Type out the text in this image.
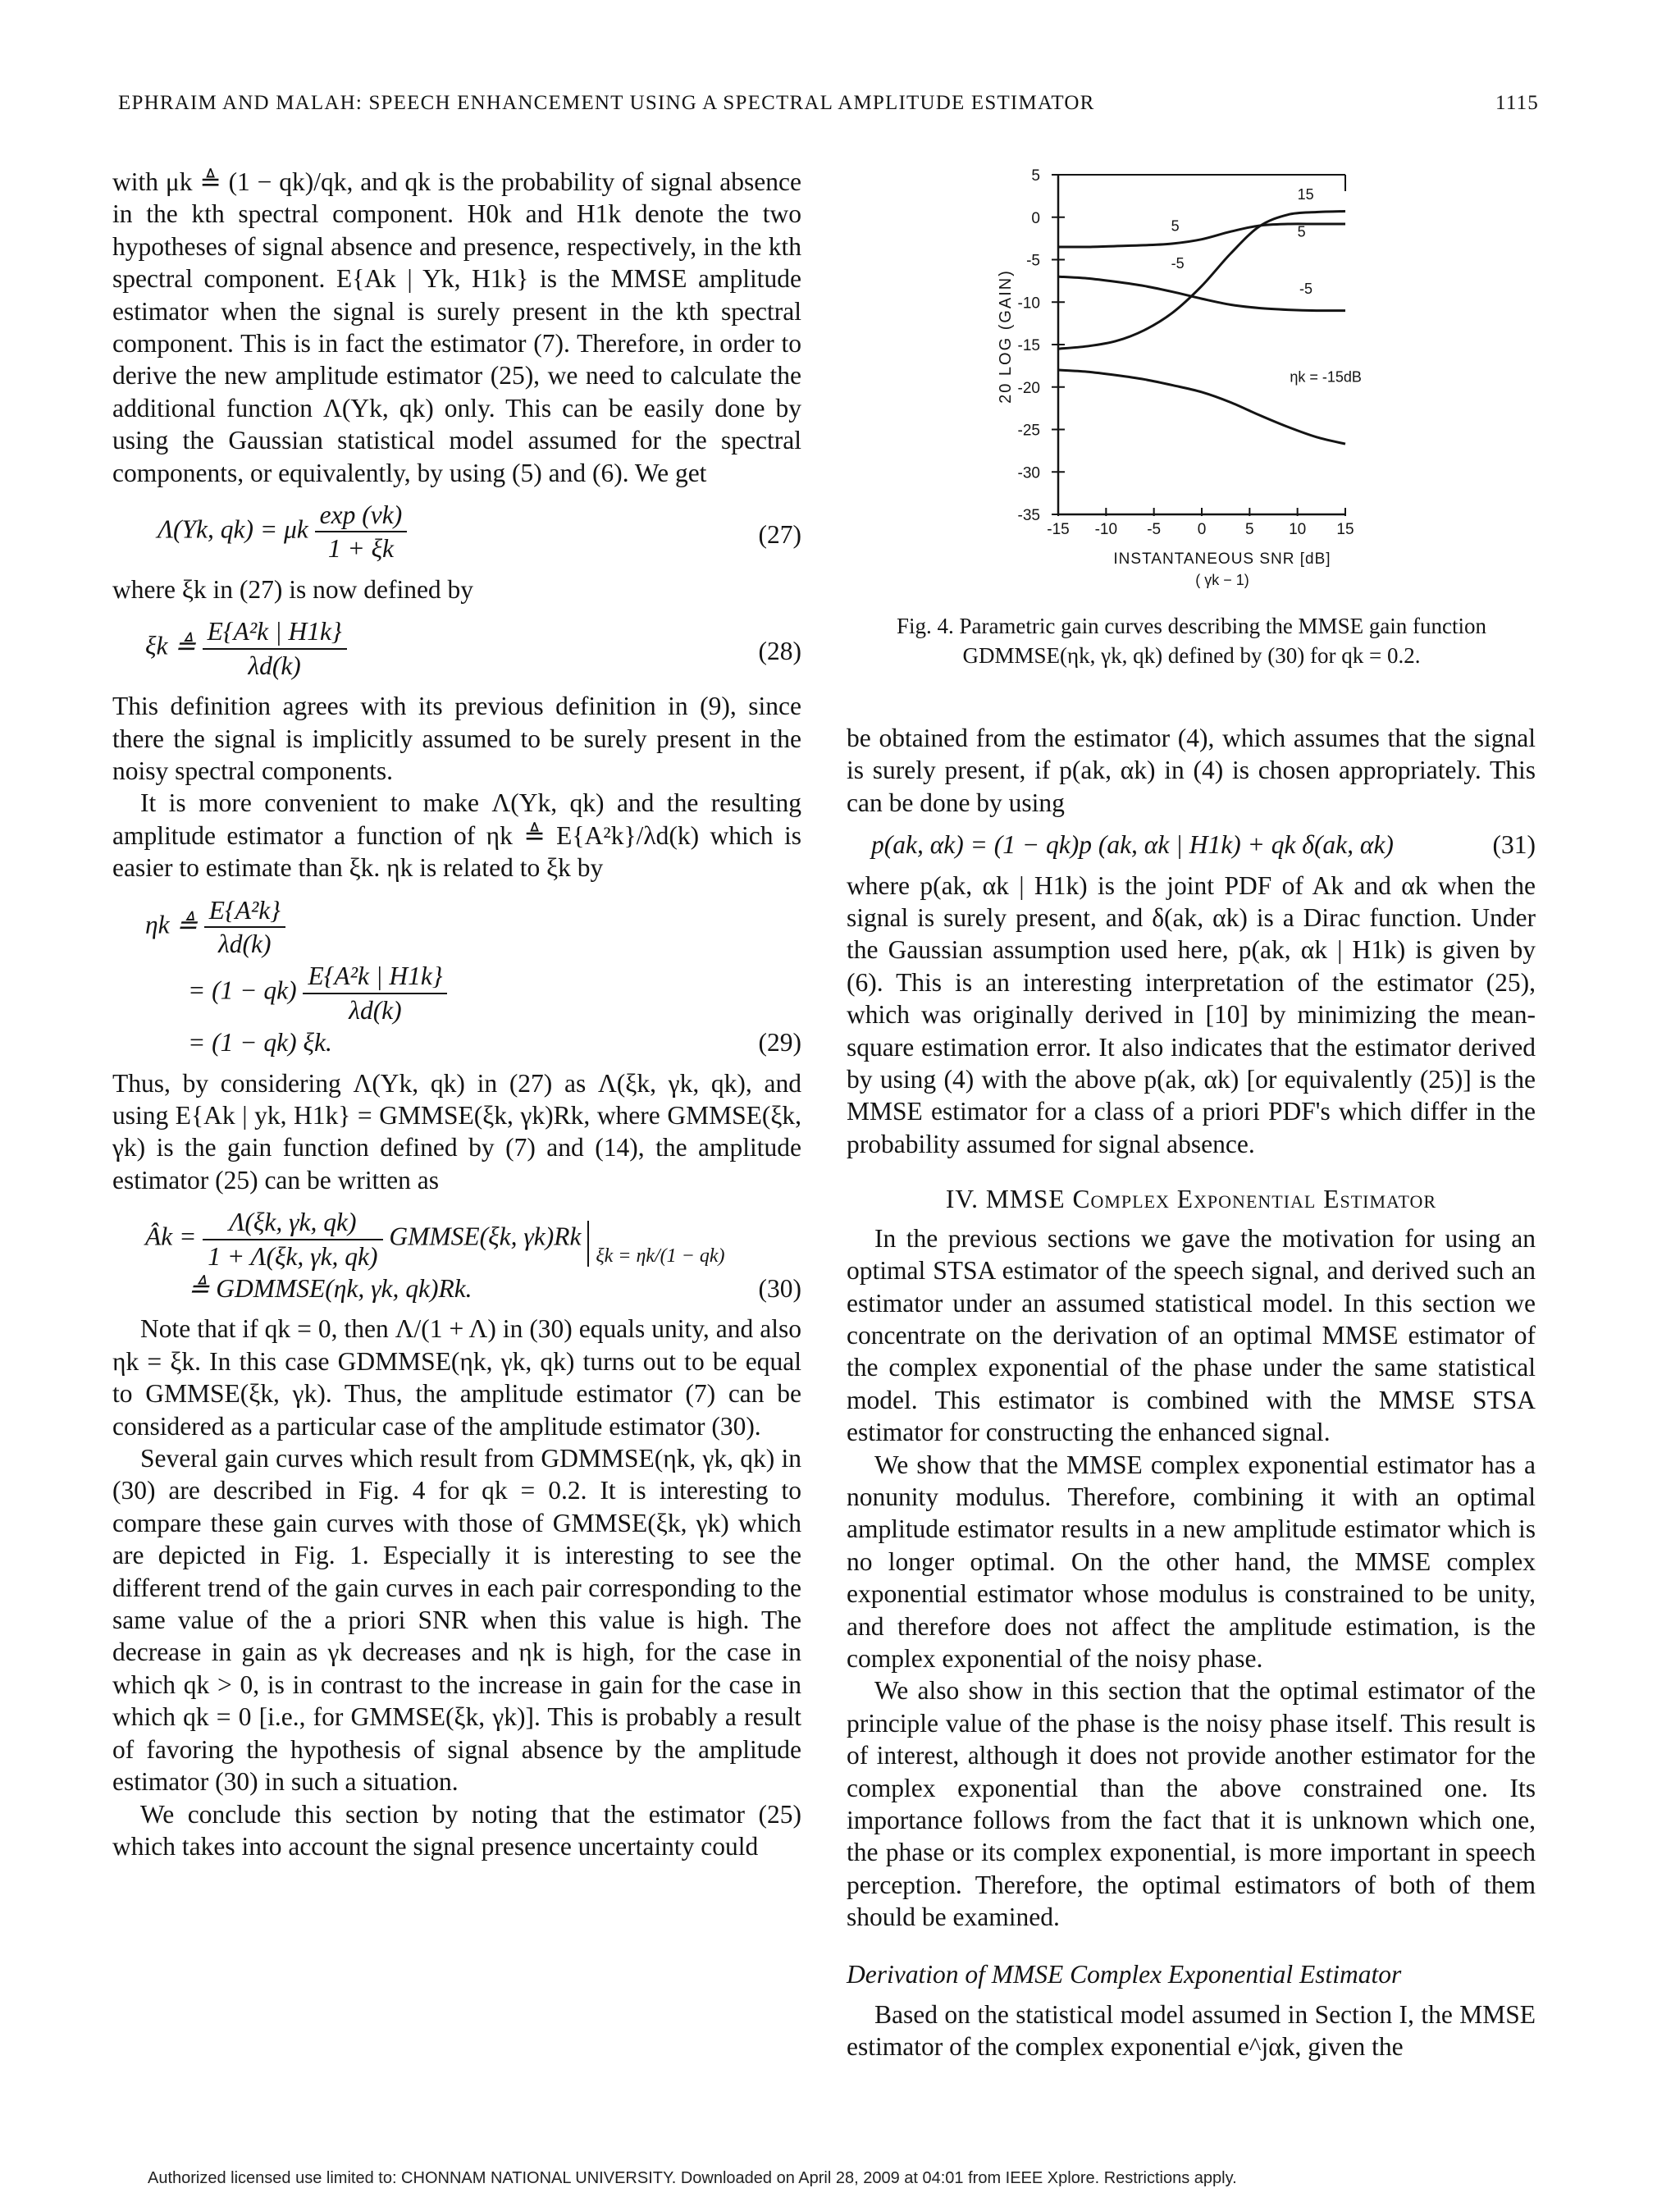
EPHRAIM AND MALAH: SPEECH ENHANCEMENT USING A SPECTRAL AMPLITUDE ESTIMATOR	1115

with μk ≜ (1 − qk)/qk, and qk is the probability of signal absence in the kth spectral component. H0k and H1k denote the two hypotheses of signal absence and presence, respectively, in the kth spectral component. E{Ak | Yk, H1k} is the MMSE amplitude estimator when the signal is surely present in the kth spectral component. This is in fact the estimator (7). Therefore, in order to derive the new amplitude estimator (25), we need to calculate the additional function Λ(Yk, qk) only. This can be easily done by using the Gaussian statistical model assumed for the spectral components, or equivalently, by using (5) and (6). We get

Λ(Yk, qk) = μk $\frac{\exp (vk)}{1 + \xi k}$	(27)

where ξk in (27) is now defined by

ξk ≜ $\frac{\text{E\{A²k | H1k\}}}{\lambda d(k)}$	(28)

This definition agrees with its previous definition in (9), since there the signal is implicitly assumed to be surely present in the noisy spectral components.

It is more convenient to make Λ(Yk, qk) and the resulting amplitude estimator a function of ηk ≜ E{A²k}/λd(k) which is easier to estimate than ξk. ηk is related to ξk by

ηk ≜ $\frac{\text{E\{A²k\}}}{\lambda d(k)}$
= $(1 - qk) \frac{\text{E\{A²k | H1k\}}}{\lambda d(k)}$
= (1 − qk) ξk.	(29)

Thus, by considering Λ(Yk, qk) in (27) as Λ(ξk, γk, qk), and using E{Ak | yk, H1k} = GMMSE(ξk, γk)Rk, where GMMSE(ξk, γk) is the gain function defined by (7) and (14), the amplitude estimator (25) can be written as

Âk = $\frac{\Lambda(\xi k, \gamma k, qk)}{1 + \Lambda(\xi k, \gamma k, qk)}$ GMMSE(ξk, γk)Rk ξk = ηk/(1 − qk)
≜ GDMMSE(ηk, γk, qk)Rk.	(30)

Note that if qk = 0, then Λ/(1 + Λ) in (30) equals unity, and also ηk = ξk. In this case GDMMSE(ηk, γk, qk) turns out to be equal to GMMSE(ξk, γk). Thus, the amplitude estimator (7) can be considered as a particular case of the amplitude estimator (30).

Several gain curves which result from GDMMSE(ηk, γk, qk) in (30) are described in Fig. 4 for qk = 0.2. It is interesting to compare these gain curves with those of GMMSE(ξk, γk) which are depicted in Fig. 1. Especially it is interesting to see the different trend of the gain curves in each pair corresponding to the same value of the a priori SNR when this value is high. The decrease in gain as γk decreases and ηk is high, for the case in which qk > 0, is in contrast to the increase in gain for the case in which qk = 0 [i.e., for GMMSE(ξk, γk)]. This is probably a result of favoring the hypothesis of signal absence by the amplitude estimator (30) in such a situation.

We conclude this section by noting that the estimator (25) which takes into account the signal presence uncertainty could

5
0
-5
-10
-15
-20
-25
-30
-35
-15 -10 -5 0	5 10 15
15
5	5
-5
-5
ηk = -15dB
20 LOG (GAIN)
INSTANTANEOUS SNR [dB]
( γk − 1)
Fig. 4. Parametric gain curves describing the MMSE gain function GDMMSE(ηk, γk, qk) defined by (30) for qk = 0.2.

be obtained from the estimator (4), which assumes that the signal is surely present, if p(ak, αk) in (4) is chosen appropriately. This can be done by using

p(ak, αk) = (1 − qk)p (ak, αk | H1k) + qk δ(ak, αk)	(31)

where p(ak, αk | H1k) is the joint PDF of Ak and αk when the signal is surely present, and δ(ak, αk) is a Dirac function. Under the Gaussian assumption used here, p(ak, αk | H1k) is given by (6). This is an interesting interpretation of the estimator (25), which was originally derived in [10] by minimizing the mean-square estimation error. It also indicates that the estimator derived by using (4) with the above p(ak, αk) [or equivalently (25)] is the MMSE estimator for a class of a priori PDF's which differ in the probability assumed for signal absence.

IV. MMSE Complex Exponential Estimator

In the previous sections we gave the motivation for using an optimal STSA estimator of the speech signal, and derived such an estimator under an assumed statistical model. In this section we concentrate on the derivation of an optimal MMSE estimator of the complex exponential of the phase under the same statistical model. This estimator is combined with the MMSE STSA estimator for constructing the enhanced signal.

We show that the MMSE complex exponential estimator has a nonunity modulus. Therefore, combining it with an optimal amplitude estimator results in a new amplitude estimator which is no longer optimal. On the other hand, the MMSE complex exponential estimator whose modulus is constrained to be unity, and therefore does not affect the amplitude estimation, is the complex exponential of the noisy phase.

We also show in this section that the optimal estimator of the principle value of the phase is the noisy phase itself. This result is of interest, although it does not provide another estimator for the complex exponential than the above constrained one. Its importance follows from the fact that it is unknown which one, the phase or its complex exponential, is more important in speech perception. Therefore, the optimal estimators of both of them should be examined.

Derivation of MMSE Complex Exponential Estimator

Based on the statistical model assumed in Section I, the MMSE estimator of the complex exponential e^jαk, given the

Authorized licensed use limited to: CHONNAM NATIONAL UNIVERSITY. Downloaded on April 28, 2009 at 04:01 from IEEE Xplore. Restrictions apply.
